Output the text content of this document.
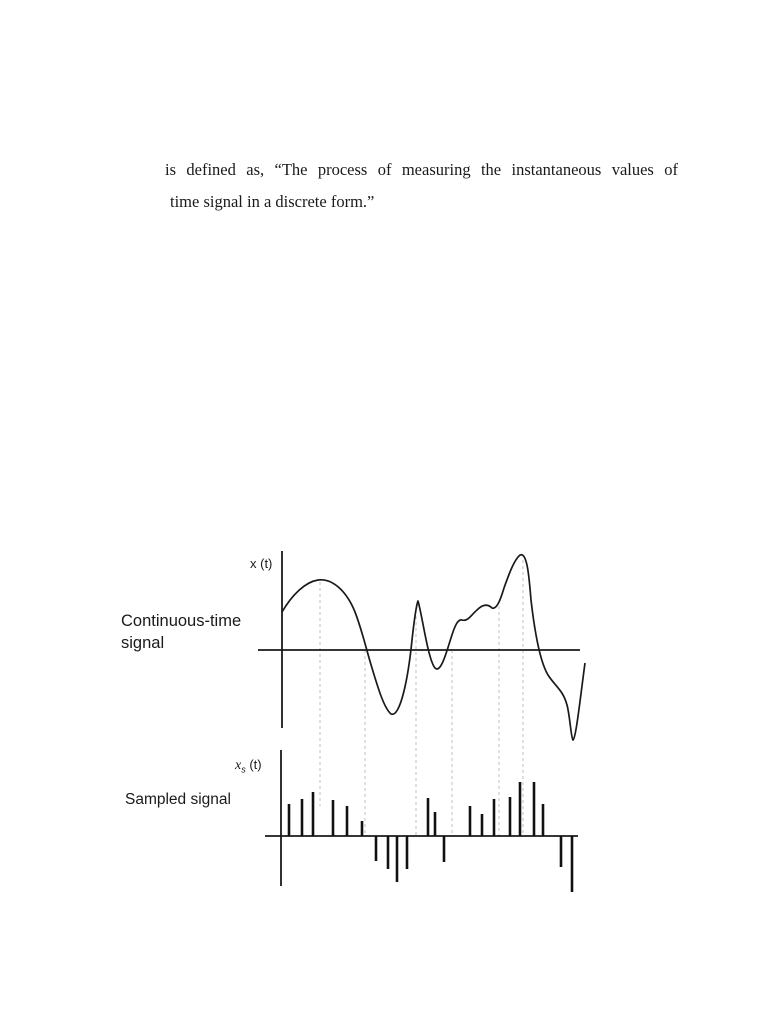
is defined as, “The process of measuring the instantaneous values of
time signal in a discrete form.”

Continuous-time
signal
x (t)
$x_s$ (t)
Sampled signal
